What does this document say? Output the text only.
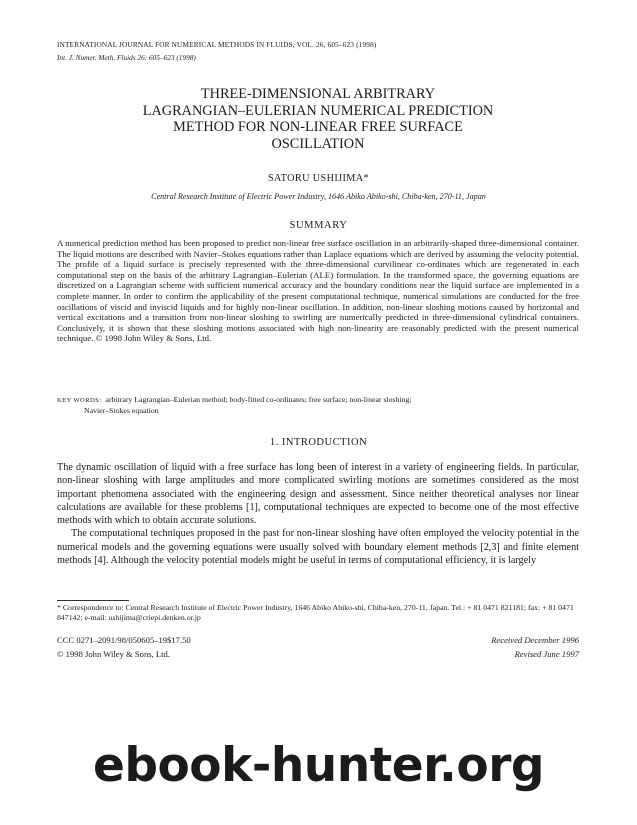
INTERNATIONAL JOURNAL FOR NUMERICAL METHODS IN FLUIDS, VOL. 26, 605–623 (1998)
Int. J. Numer. Meth. Fluids 26: 605–623 (1998)
THREE-DIMENSIONAL ARBITRARY
LAGRANGIAN–EULERIAN NUMERICAL PREDICTION
METHOD FOR NON-LINEAR FREE SURFACE
OSCILLATION
SATORU USHIJIMA*
Central Research Institute of Electric Power Industry, 1646 Abiko Abiko-shi, Chiba-ken, 270-11, Japan
SUMMARY
A numerical prediction method has been proposed to predict non-linear free surface oscillation in an arbitrarily-shaped three-dimensional container. The liquid motions are described with Navier–Stokes equations rather than Laplace equations which are derived by assuming the velocity potential. The profile of a liquid surface is precisely represented with the three-dimensional curvilinear co-ordinates which are regenerated in each computational step on the basis of the arbitrary Lagrangian–Eulerian (ALE) formulation. In the transformed space, the governing equations are discretized on a Lagrangian scheme with sufficient numerical accuracy and the boundary conditions near the liquid surface are implemented in a complete manner. In order to confirm the applicability of the present computational technique, numerical simulations are conducted for the free oscillations of viscid and inviscid liquids and for highly non-linear oscillation. In addition, non-linear sloshing motions caused by horizontal and vertical excitations and a transition from non-linear sloshing to swirling are numerically predicted in three-dimensional cylindrical containers. Conclusively, it is shown that these sloshing motions associated with high non-linearity are reasonably predicted with the present numerical technique. © 1998 John Wiley & Sons, Ltd.
KEY WORDS: arbitrary Lagrangian–Eulerian method; body-fitted co-ordinates; free surface; non-linear sloshing;
Navier–Stokes equation
1. INTRODUCTION

The dynamic oscillation of liquid with a free surface has long been of interest in a variety of engineering fields. In particular, non-linear sloshing with large amplitudes and more complicated swirling motions are sometimes considered as the most important phenomena associated with the engineering design and assessment. Since neither theoretical analyses nor linear calculations are available for these problems [1], computational techniques are expected to become one of the most effective methods with which to obtain accurate solutions.

The computational techniques proposed in the past for non-linear sloshing have often employed the velocity potential in the numerical models and the governing equations were usually solved with boundary element methods [2,3] and finite element methods [4]. Although the velocity potential models might be useful in terms of computational efficiency, it is largely

* Correspondence to: Central Research Institute of Electric Power Industry, 1646 Abiko Abiko-shi, Chiba-ken, 270-11, Japan. Tel.: + 81 0471 821181; fax: + 81 0471 847142; e-mail: ushijima@criepi.denken.or.jp
CCC 0271–2091/98/050605–19$17.50
© 1998 John Wiley & Sons, Ltd.
Received December 1996
Revised June 1997
ebook-hunter.org
